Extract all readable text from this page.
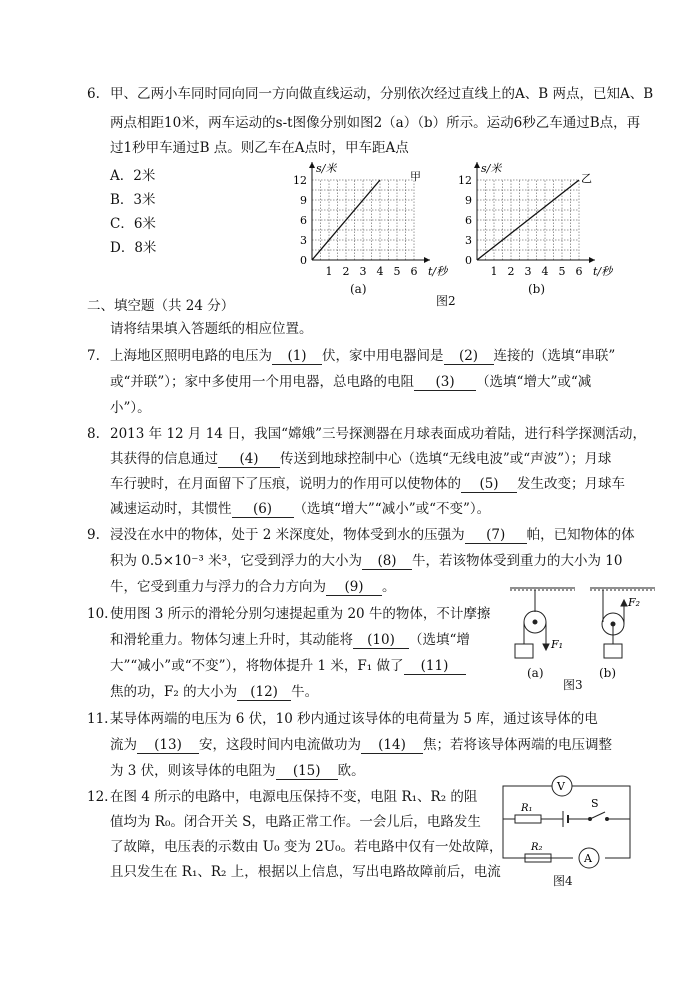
6. 甲、乙两小车同时同向同一方向做直线运动，分别依次经过直线上的A、B 两点，已知A、B
两点相距10米，两车运动的s-t图像分别如图2（a）（b）所示。运动6秒乙车通过B点，再
过1秒甲车通过B 点。则乙车在A点时，甲车距A点
A．2米
B．3米
C．6米
D．8米
0
3
6
9
12
1 2 3 4 5 6
s/米
t/秒
甲
0
3
6
9
12
1 2 3 4 5 6
s/米
t/秒
乙
(a)	(b)
图2
二、填空题（共 24 分）
请将结果填入答题纸的相应位置。
7. 上海地区照明电路的电压为 (1) 伏，家中用电器间是 (2) 连接的（选填“串联”
或“并联”）；家中多使用一个用电器，总电路的电阻 (3) （选填“增大”或“减
小”）。
8. 2013 年 12 月 14 日，我国“嫦娥”三号探测器在月球表面成功着陆，进行科学探测活动，
其获得的信息通过 (4) 传送到地球控制中心（选填“无线电波”或“声波”）；月球
车行驶时，在月面留下了压痕，说明力的作用可以使物体的 (5) 发生改变；月球车
减速运动时，其惯性 (6) （选填“增大”“减小”或“不变”）。
9. 浸没在水中的物体，处于 2 米深度处，物体受到水的压强为 (7) 帕，已知物体的体
积为 0.5×10⁻³ 米³，它受到浮力的大小为 (8) 牛，若该物体受到重力的大小为 10
牛，它受到重力与浮力的合力方向为 (9) 。
10. 使用图 3 所示的滑轮分别匀速提起重为 20 牛的物体，不计摩擦
和滑轮重力。物体匀速上升时，其动能将 (10) （选填“增
大”“减小”或“不变”），将物体提升 1 米，F₁ 做了 (11)
焦的功，F₂ 的大小为 (12) 牛。
F₁
F₂
(a)	(b)
图3
11. 某导体两端的电压为 6 伏，10 秒内通过该导体的电荷量为 5 库，通过该导体的电
流为 (13) 安，这段时间内电流做功为 (14) 焦；若将该导体两端的电压调整
为 3 伏，则该导体的电阻为 (15) 欧。
12. 在图 4 所示的电路中，电源电压保持不变，电阻 R₁、R₂ 的阻
值均为 R₀。闭合开关 S，电路正常工作。一会儿后，电路发生
了故障，电压表的示数由 U₀ 变为 2U₀。若电路中仅有一处故障，
且只发生在 R₁、R₂ 上，根据以上信息，写出电路故障前后，电流
V
R₁	S
R₂
A
图4
